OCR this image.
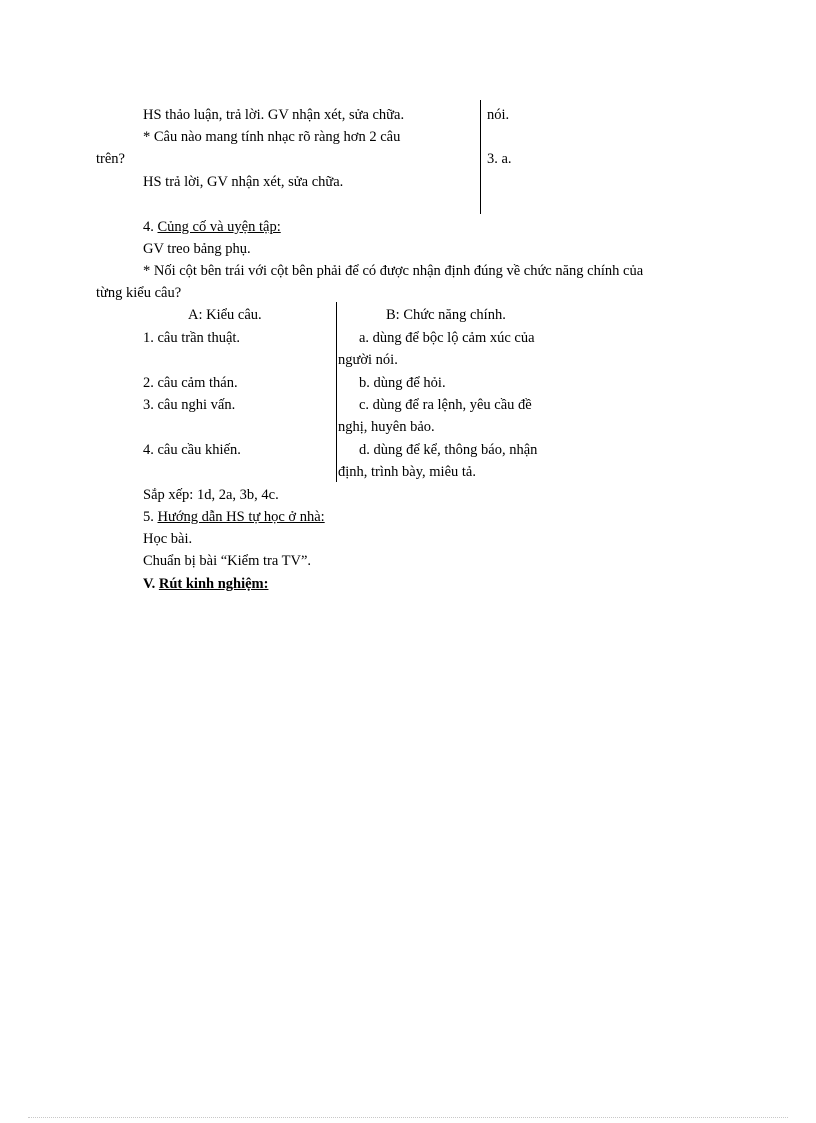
HS thảo luận, trả lời. GV nhận xét, sửa chữa.
* Câu nào mang tính nhạc rõ ràng hơn 2 câu
trên?
HS trả lời, GV nhận xét, sửa chữa.
nói.
3. a.
4. Củng cố và uyện tập:
GV treo bảng phụ.
* Nối cột bên trái với cột bên phải để có được nhận định đúng về chức năng chính của
từng kiểu câu?
A: Kiểu câu.	B: Chức năng chính.
1. câu trần thuật.
2. câu cảm thán.
3. câu nghi vấn.
4. câu cầu khiến.
a. dùng để bộc lộ cảm xúc của
người nói.
b. dùng để hỏi.
c. dùng để ra lệnh, yêu cầu đề
nghị, huyên bảo.
d. dùng để kể, thông báo, nhận
định, trình bày, miêu tả.
Sắp xếp: 1d, 2a, 3b, 4c.
5. Hướng dẫn HS tự học ở nhà:
Học bài.
Chuẩn bị bài “Kiểm tra TV”.
V. Rút kinh nghiệm:
